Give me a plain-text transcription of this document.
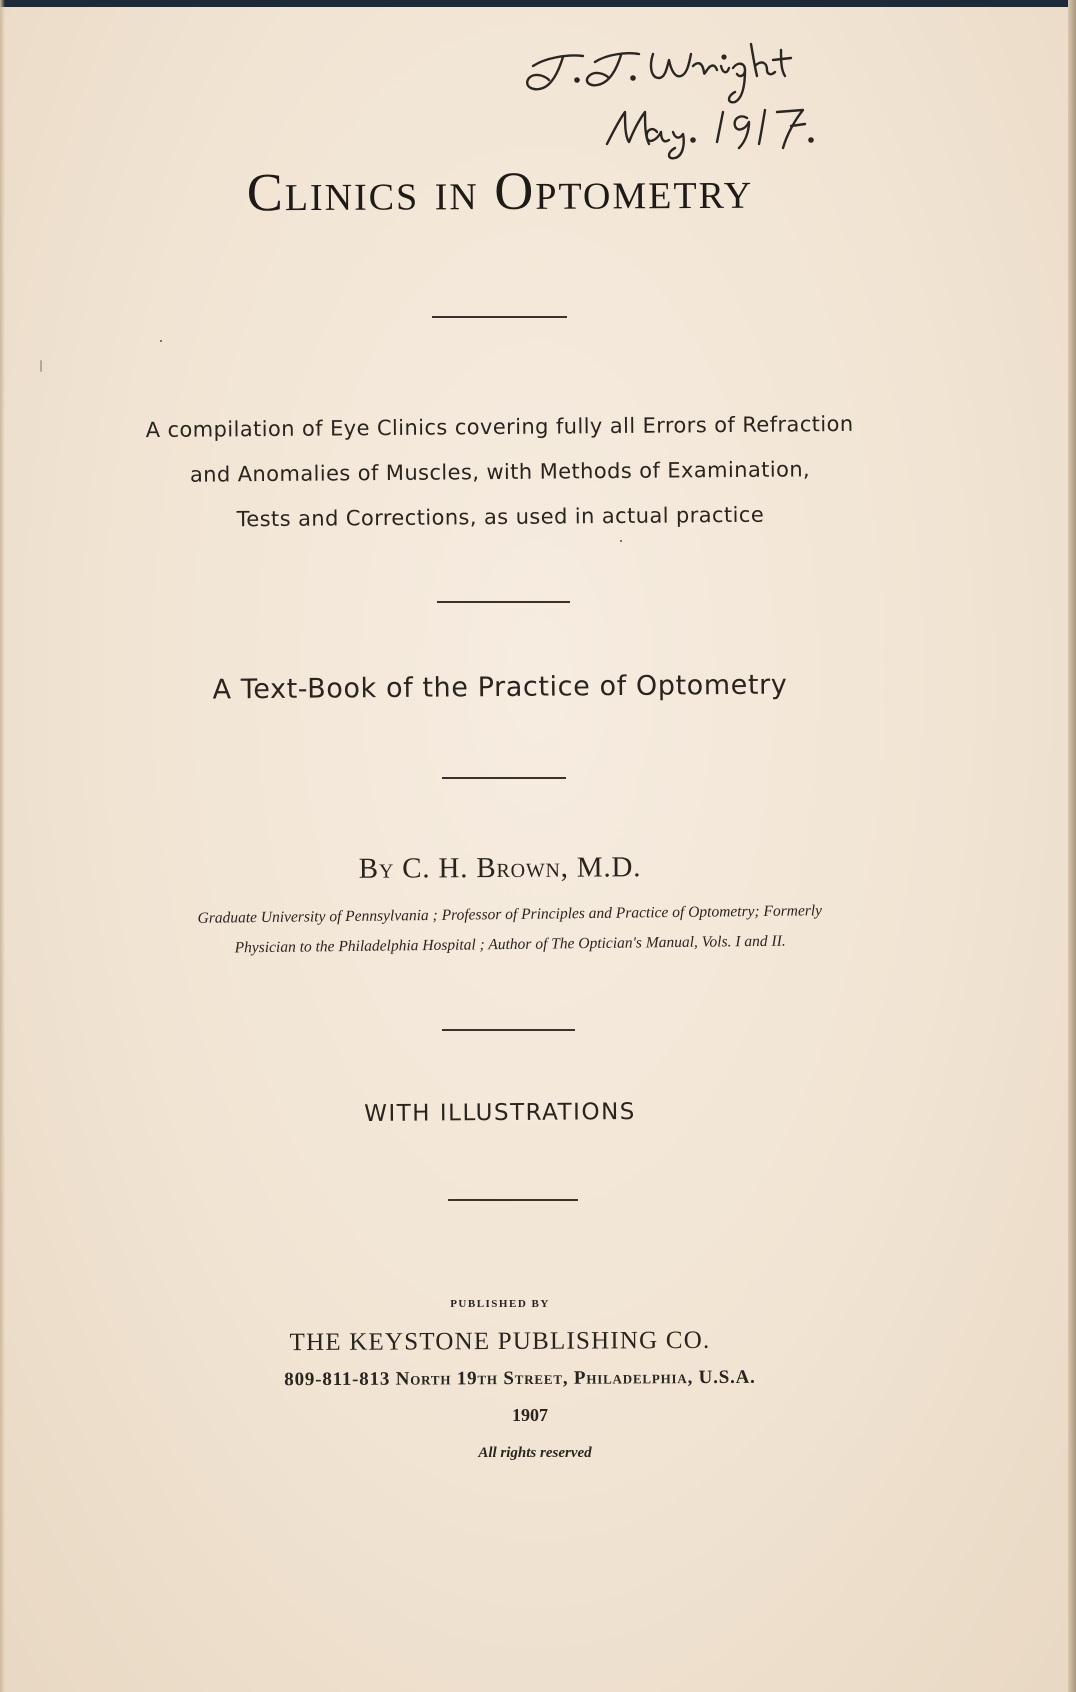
Clinics in Optometry
A compilation of Eye Clinics covering fully all Errors of Refraction
and Anomalies of Muscles, with Methods of Examination,
Tests and Corrections, as used in actual practice
A Text-Book of the Practice of Optometry
By C. H. Brown, M.D.
Graduate University of Pennsylvania ; Professor of Principles and Practice of Optometry; Formerly
Physician to the Philadelphia Hospital ; Author of The Optician's Manual, Vols. I and II.
WITH ILLUSTRATIONS
PUBLISHED BY
THE KEYSTONE PUBLISHING CO.
809-811-813 North 19th Street, Philadelphia, U.S.A.
1907
All rights reserved
